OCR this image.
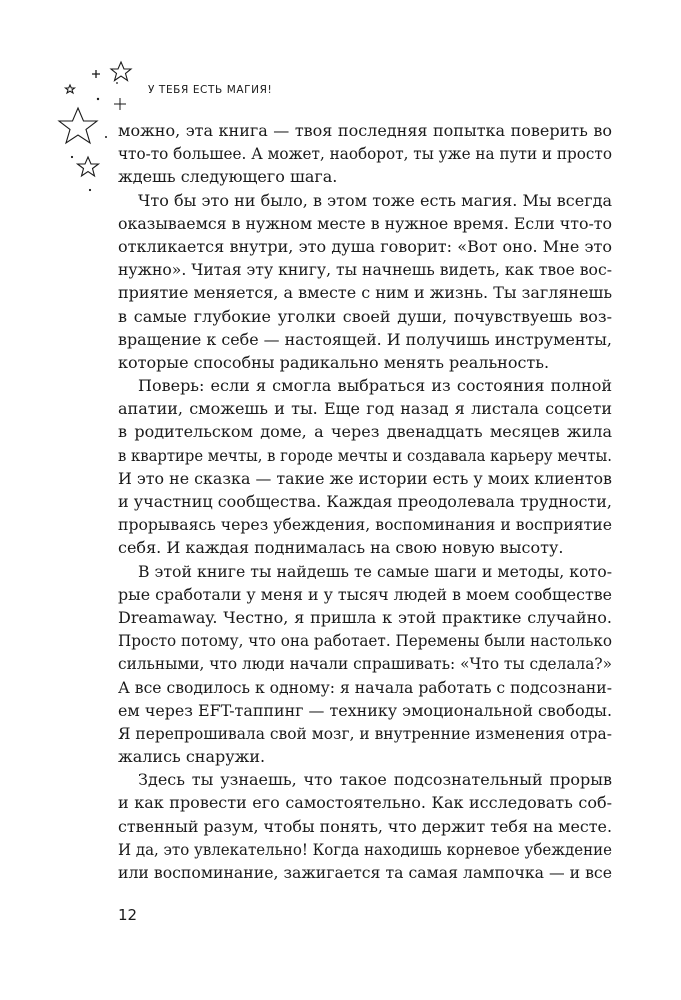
У ТЕБЯ ЕСТЬ МАГИЯ!
можно, эта книга — твоя последняя попытка поверить во
что-то большее. А может, наоборот, ты уже на пути и просто
ждешь следующего шага.
Что бы это ни было, в этом тоже есть магия. Мы всегда
оказываемся в нужном месте в нужное время. Если что-то
откликается внутри, это душа говорит: «Вот оно. Мне это
нужно». Читая эту книгу, ты начнешь видеть, как твое вос-
приятие меняется, а вместе с ним и жизнь. Ты заглянешь
в самые глубокие уголки своей души, почувствуешь воз-
вращение к себе — настоящей. И получишь инструменты,
которые способны радикально менять реальность.
Поверь: если я смогла выбраться из состояния полной
апатии, сможешь и ты. Еще год назад я листала соцсети
в родительском доме, а через двенадцать месяцев жила
в квартире мечты, в городе мечты и создавала карьеру мечты.
И это не сказка — такие же истории есть у моих клиентов
и участниц сообщества. Каждая преодолевала трудности,
прорываясь через убеждения, воспоминания и восприятие
себя. И каждая поднималась на свою новую высоту.
В этой книге ты найдешь те самые шаги и методы, кото-
рые сработали у меня и у тысяч людей в моем сообществе
Dreamaway. Честно, я пришла к этой практике случайно.
Просто потому, что она работает. Перемены были настолько
сильными, что люди начали спрашивать: «Что ты сделала?»
А все сводилось к одному: я начала работать с подсознани-
ем через EFT-таппинг — технику эмоциональной свободы.
Я перепрошивала свой мозг, и внутренние изменения отра-
жались снаружи.
Здесь ты узнаешь, что такое подсознательный прорыв
и как провести его самостоятельно. Как исследовать соб-
ственный разум, чтобы понять, что держит тебя на месте.
И да, это увлекательно! Когда находишь корневое убеждение
или воспоминание, зажигается та самая лампочка — и все
12
